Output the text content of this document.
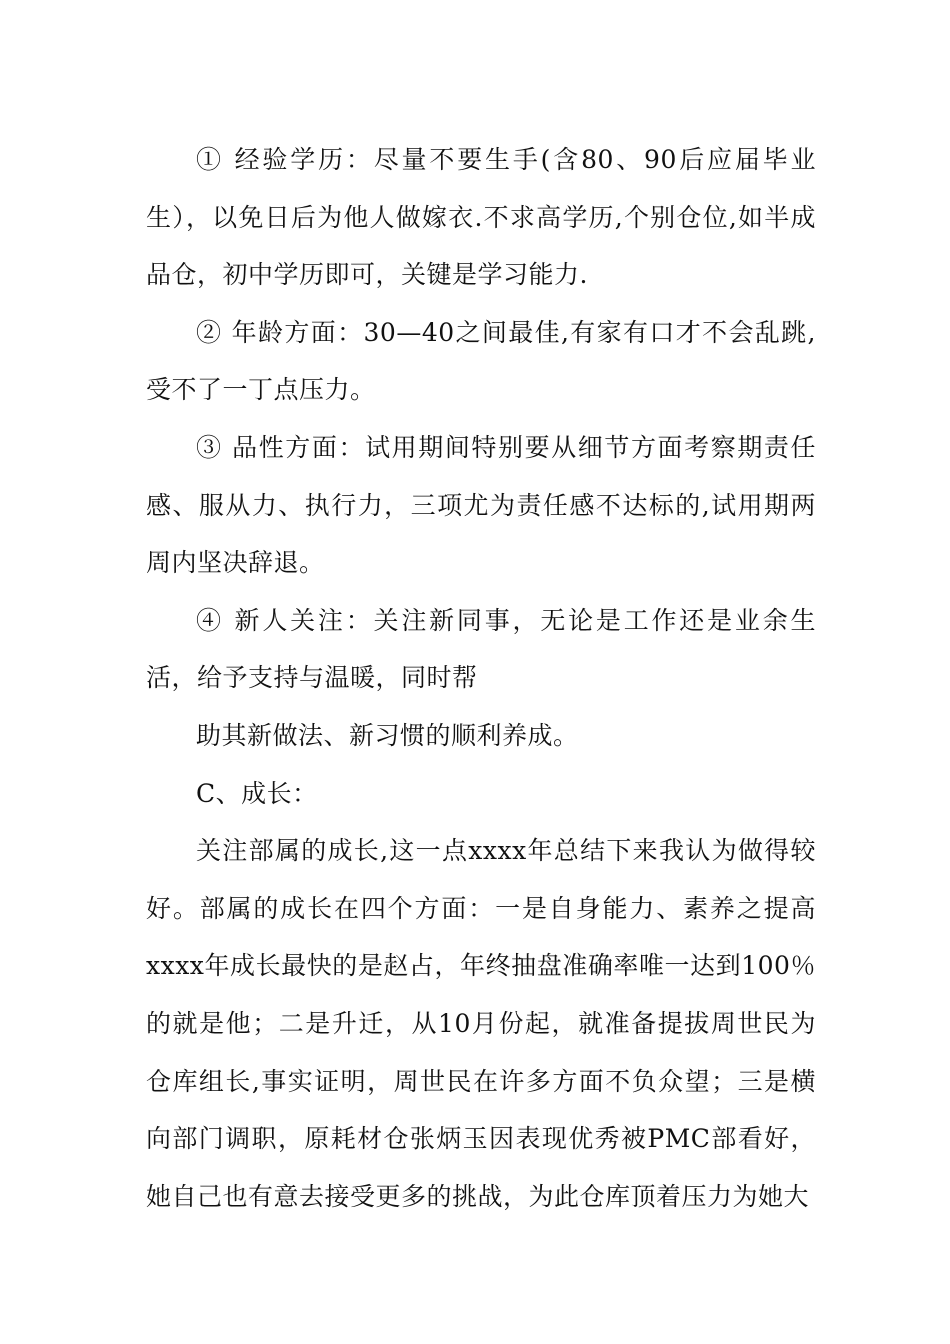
① 经验学历：尽量不要生手(含80、90后应届毕业生），以免日后为他人做嫁衣.不求高学历,个别仓位,如半成品仓，初中学历即可，关键是学习能力.

② 年龄方面：30—40之间最佳,有家有口才不会乱跳,受不了一丁点压力。

③ 品性方面：试用期间特别要从细节方面考察期责任感、服从力、执行力，三项尤为责任感不达标的,试用期两周内坚决辞退。

④ 新人关注：关注新同事，无论是工作还是业余生活，给予支持与温暖，同时帮

助其新做法、新习惯的顺利养成。

C、成长：

关注部属的成长,这一点xxxx年总结下来我认为做得较好。部属的成长在四个方面：一是自身能力、素养之提高xxxx年成长最快的是赵占，年终抽盘准确率唯一达到100％的就是他；二是升迁，从10月份起，就准备提拔周世民为仓库组长,事实证明，周世民在许多方面不负众望；三是横向部门调职，原耗材仓张炳玉因表现优秀被PMC部看好，她自己也有意去接受更多的挑战，为此仓库顶着压力为她大
